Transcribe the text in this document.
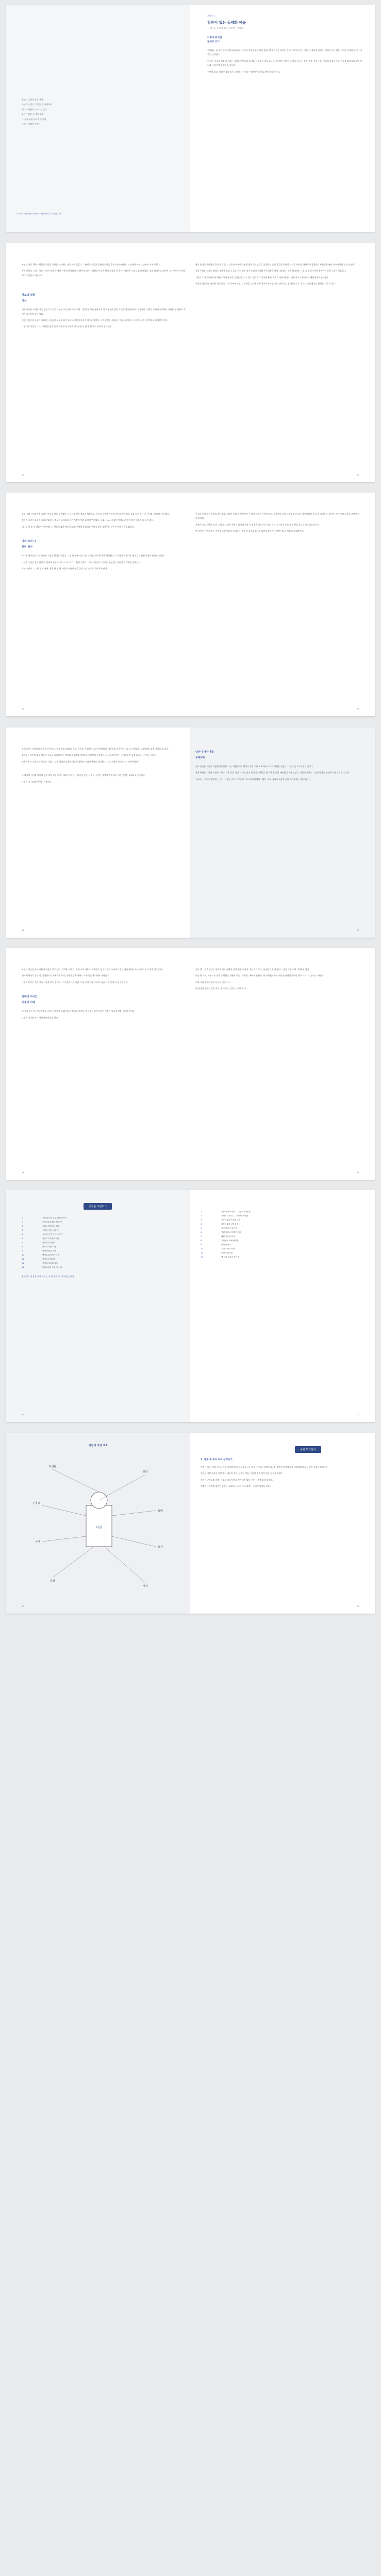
읽었던 그림이 말을 건다

아무것도 없는 것 같은 빈 자리에서

생각이 천천히 스며드는 순간

화가가 남긴 한 줄의 숨결

그 숨결 위에 우리가 서 있다

그림은 오래된 편지다

이 책의 도판은 해당 소장처의 허락을 받아 수록하였습니다.
프롤로그
칭찬이 있는 동양화 예술
— 왕, 옷, 우리 마음이 주고 받는 이야기
이명이 위처럼
들어가 보기

동양화는 한 폭의 종이 위에 하늘과 땅, 사람의 마음을 함께 담아 왔다. 옛 화가들은 보이는 것보다 보이지 않는 것을 더 귀하게 여겼고, 여백은 비어 있는 자리가 아니라 생각이 머무는 자리였다.

이 책은 그림을 처음 마주하는 사람도 편안하게 들어설 수 있도록 작품 하나하나에 담긴 이야기를 풀어 놓는다. 왕의 초상, 옷의 주름, 선비의 붓끝에 깃든 마음을 따라가다 보면 어느새 그림이 말을 걸어올 것이다.

천천히 보고, 오래 머물러 보자. 그림은 서두르는 사람에게 자신을 보여 주지 않는다.

조선의 궁중 회화는 왕실의 위엄과 질서를 드러내는 데 목적이 있었다. 그래서 화원들은 정해진 법식을 충실히 따르면서도 그 안에서 자신의 솜씨를 보여 주었다.

특히 어진을 그리는 일은 나라의 가장 큰 행사 가운데 하나였다. 도화서의 뛰어난 화원들이 모여 왕의 얼굴을 한 올의 수염까지 그대로 옮겨 담았다. 털끝 하나라도 다르면 그 사람이 아니라는 생각이 있었기 때문이다.

태조의 얼굴
정신

태조 어진은 조선을 세운 임금의 모습을 오늘날까지 전해 주는 귀한 그림이다. 푸른 곤룡포를 입고 용상에 앉은 모습은 엄숙하면서도 단정하다. 얼굴의 주름과 눈빛에는 나라를 연 사람의 무게가 고스란히 담겨 있다.

어진은 단순한 초상이 아니었다. 임금이 세상을 떠난 뒤에도 진전에 모셔져 제사를 받았고, 그림 앞에서 신하들은 예를 갖추었다. 그림이 곧 그 사람이라고 여겼던 것이다.

그렇기에 어진을 그리는 화원은 붓을 들기 전에 몸과 마음을 가다듬었다. 한 획 한 획이 나라의 일이었다.

왕의 옷에는 하나하나 뜻이 담겨 있다. 가슴과 어깨에 수놓은 용무늬는 임금을 상징하고, 옷의 빛깔은 나라의 격식을 따른다. 곤룡포의 붉은빛과 푸른빛은 때와 장소에 따라 달리 쓰였다.

옷의 주름을 그리는 방법도 정해져 있었다. 굵고 가는 선을 섞어 옷감의 무게와 부드러움을 함께 나타냈다. 주름 하나에도 그림 속 인물이 살아 움직이는 듯한 느낌이 깃들었다.

그림을 오래 들여다보면 화원이 얼마나 공을 들였는지 알 수 있다. 금박으로 장식한 흉배, 옥으로 만든 허리띠, 검은 사모의 윤기까지 세심하게 표현하였다.

이렇게 만들어진 어진은 여러 벌을 그려 나누어 모셨다. 전란을 겪으며 많은 어진이 사라졌지만, 남아 있는 몇 점만으로도 우리는 조선 왕실의 품격을 느낄 수 있다.

12	13

조선 시대 선비들에게 그림은 마음을 닦는 공부였다. 사군자를 치며 절개를 생각하고, 산수를 그리며 자연의 이치를 헤아렸다. 붓을 드는 일은 곧 자신을 돌아보는 일이었다.

선비의 그림은 화원의 그림과 달랐다. 정교한 솜씨보다 그린 사람의 뜻과 품격이 먼저였다. 그래서 조금 거칠어 보여도 그 안에 담긴 기운을 더 높이 쳤다.

대나무 한 줄기, 매화 한 가지에도 그 사람의 삶이 배어 있었다. 바람에 흔들려도 꺾이지 않는 대나무는 곧은 선비의 마음을 닮았다.

야외 속의 나
선비 정신

사대부 화가들은 시와 글씨와 그림을 하나로 보았다. 그림 한 켠에 시를 적고 도장을 찍어 한 폭을 완성했다. 시서화가 어우러질 때 비로소 참된 작품이 된다고 믿었다.

그들은 그림을 팔지 않았다. 벗에게 선물하거나 스스로 즐기기 위해 그렸다. 그래서 선비의 그림에는 꾸밈없는 마음이 고스란히 남아 있다.

오늘 우리가 그 그림 앞에 서면, 몇백 년 전 한 사람이 조용히 붓을 들던 시간 속으로 들어가게 된다.

산수화 속의 작은 인물을 찾아보자. 커다란 산과 물 사이에 아주 작게 그려진 사람이 있다. 지팡이를 짚고 다리를 건너거나, 정자에 앉아 먼 곳을 바라본다. 화가는 자연 속의 자신을 그렇게 그려 넣었다.

자연은 크고 사람은 작다. 그러나 그 작은 사람이 있기에 그림 속 풍경은 살아난다. 보는 이는 그 인물의 눈을 빌려 산을 오르고 물소리를 듣는다.

옛 그림은 이렇게 보는 사람을 그림 안으로 초대한다. 천천히 걸음을 옮기듯 화면을 따라가다 보면 어느새 마음이 고요해진다.

14	15

풍속화에는 사람들의 하루가 담겨 있다. 밭을 갈고, 빨래를 하고, 씨름을 구경하는 모습이 생생하다. 김홍도와 신윤복의 그림 속 사람들은 지금이라도 말을 걸어올 것 같다.

김홍도는 서민의 삶을 따뜻한 눈으로 바라보았다. 배경을 과감하게 생략하고 사람에게 집중했다. 둥글게 모여 앉은 구경꾼들의 표정 하나하나가 모두 다르다.

신윤복은 도시의 멋과 풍류를 그렸다. 고운 빛깔과 섬세한 선으로 양반과 기녀의 만남을 담아냈다. 그의 그림은 당시로서는 파격이었다.

두 화가의 그림을 나란히 놓고 보면 조선 후기 사회의 서로 다른 얼굴을 만날 수 있다. 한쪽은 소박하고 정겹고, 다른 한쪽은 화려하고 은근하다.

그림은 그 시대를 비추는 거울이다.

당신이 대하여를
구해보다

정조 임금은 그림을 사랑한 왕이었다. 그는 화원들에게 백성의 삶을 그려 오게 하여 나라의 형편을 살폈다. 그림이 곧 보고서였던 셈이다.

궁궐 행사를 기록한 의궤의 그림도 같은 뜻을 지닌다. 수천 명이 움직이는 행렬을 한 사람 한 사람 빠짐없이 그려 넣었다. 덕분에 우리는 그날의 풍경을 눈앞에 보듯 되살릴 수 있다.

기록하는 그림과 감상하는 그림, 그 둘은 서로 다르면서도 하나의 뿌리에서 나왔다. 모두 사람과 세상을 깊이 바라보려는 마음이었다.

16	17

조선의 미술은 한국 사람의 마음을 담고 있다. 소박함 속의 멋, 절제 속의 여유가 그것이다. 넘치지 않고 모자라지 않는 아름다움은 오늘날에도 우리 곁에 살아 있다.

백자 항아리의 둥근 선, 분청사기의 자유로운 무늬, 민화의 밝은 색채도 모두 같은 뿌리에서 자라났다.

그림을 본다는 것은 결국 사람을 보는 일이다. 그 그림을 그린 사람, 그림 속의 사람, 그리고 지금 그림 앞에 선 나 자신까지.

당대의 지식인
미술의 이해

이 책을 덮은 뒤, 박물관에서 그림 한 점 앞에 오래 머물러 보기를 바란다. 처음에는 보이지 않던 것들이 조금씩 말을 걸어올 것이다.

그림은 기다려 주는 사람에게 마음을 연다.

우리 옛 그림을 즐기는 방법은 따로 정해져 있지 않다. 마음이 가는 대로 보고, 궁금한 것은 찾아보고, 좋은 것은 오래 기억하면 된다.

다만 한 가지, 서두르지 말자. 동양화는 천천히 보는 그림이다. 족자를 펼치듯, 두루마리를 풀어 가듯 한 장면씩 음미할 때 비로소 그 깊이가 드러난다.

이제 그림 속으로 걸어 들어갈 시간이다.

옛 화가들이 남긴 길을 따라, 우리만의 감상을 시작해 보자.

18	19
공감을 구한다 1
1	조선 왕실의 얼굴, 어진 이야기
2	곤룡포와 흉배에 담긴 뜻
3	도화서 화원들의 하루
4	선비의 붓끝, 사군자
5	산수화 속 작은 사람 찾기
6	김홍도의 씨름과 서당
7	신윤복의 미인도
8	정조와 의궤 그림
9	민화에 담긴 소망
10	백자와 분청사기의 멋
11	여백의 아름다움
12	시서화 일치의 정신
13	박물관에서 그림 보는 법

함께 읽으면 좋은 책과 자료는 이 책 끝에 정리해 두었습니다.

1	궁중 회화의 세계 — 국립고궁박물관
2	조선의 초상화 — 국립중앙박물관
3	간송미술관 소장품 도록
4	리움미술관 고미술 전시
5	한국 미술사 입문서
6	단원 김홍도 특별전 도록
7	혜원 신윤복 화첩
8	조선왕조 의궤 해설집
9	민화 이야기
10	우리 도자기 산책
11	동양화 감상법
12	옛 그림 읽기의 즐거움
20	21
어진의 구성 요소
어진
익선관
용안
곤룡포
흉배
옥대
용상
족좌
채전
공감 보고싶다
1. 작품 속 주요 요소 살펴보기

어진은 얼굴, 관모, 의복, 자세, 배경의 다섯 부분으로 나누어 볼 수 있다. 각각의 요소는 정해진 법식에 따라 그려졌으며 모두 왕의 권위를 드러낸다.

얼굴은 가장 중요한 부분이다. 피부의 질감, 눈썹의 방향, 수염의 결을 살아 있는 듯 표현하였다.

의복은 곤룡포와 흉배, 옥대로 이루어진다. 용무늬의 발톱 수는 신분에 따라 달랐다.

배경에는 용상과 채전이 놓인다. 화려한 무늬의 바닥 깔개는 궁궐의 위엄을 더한다.

22	23
